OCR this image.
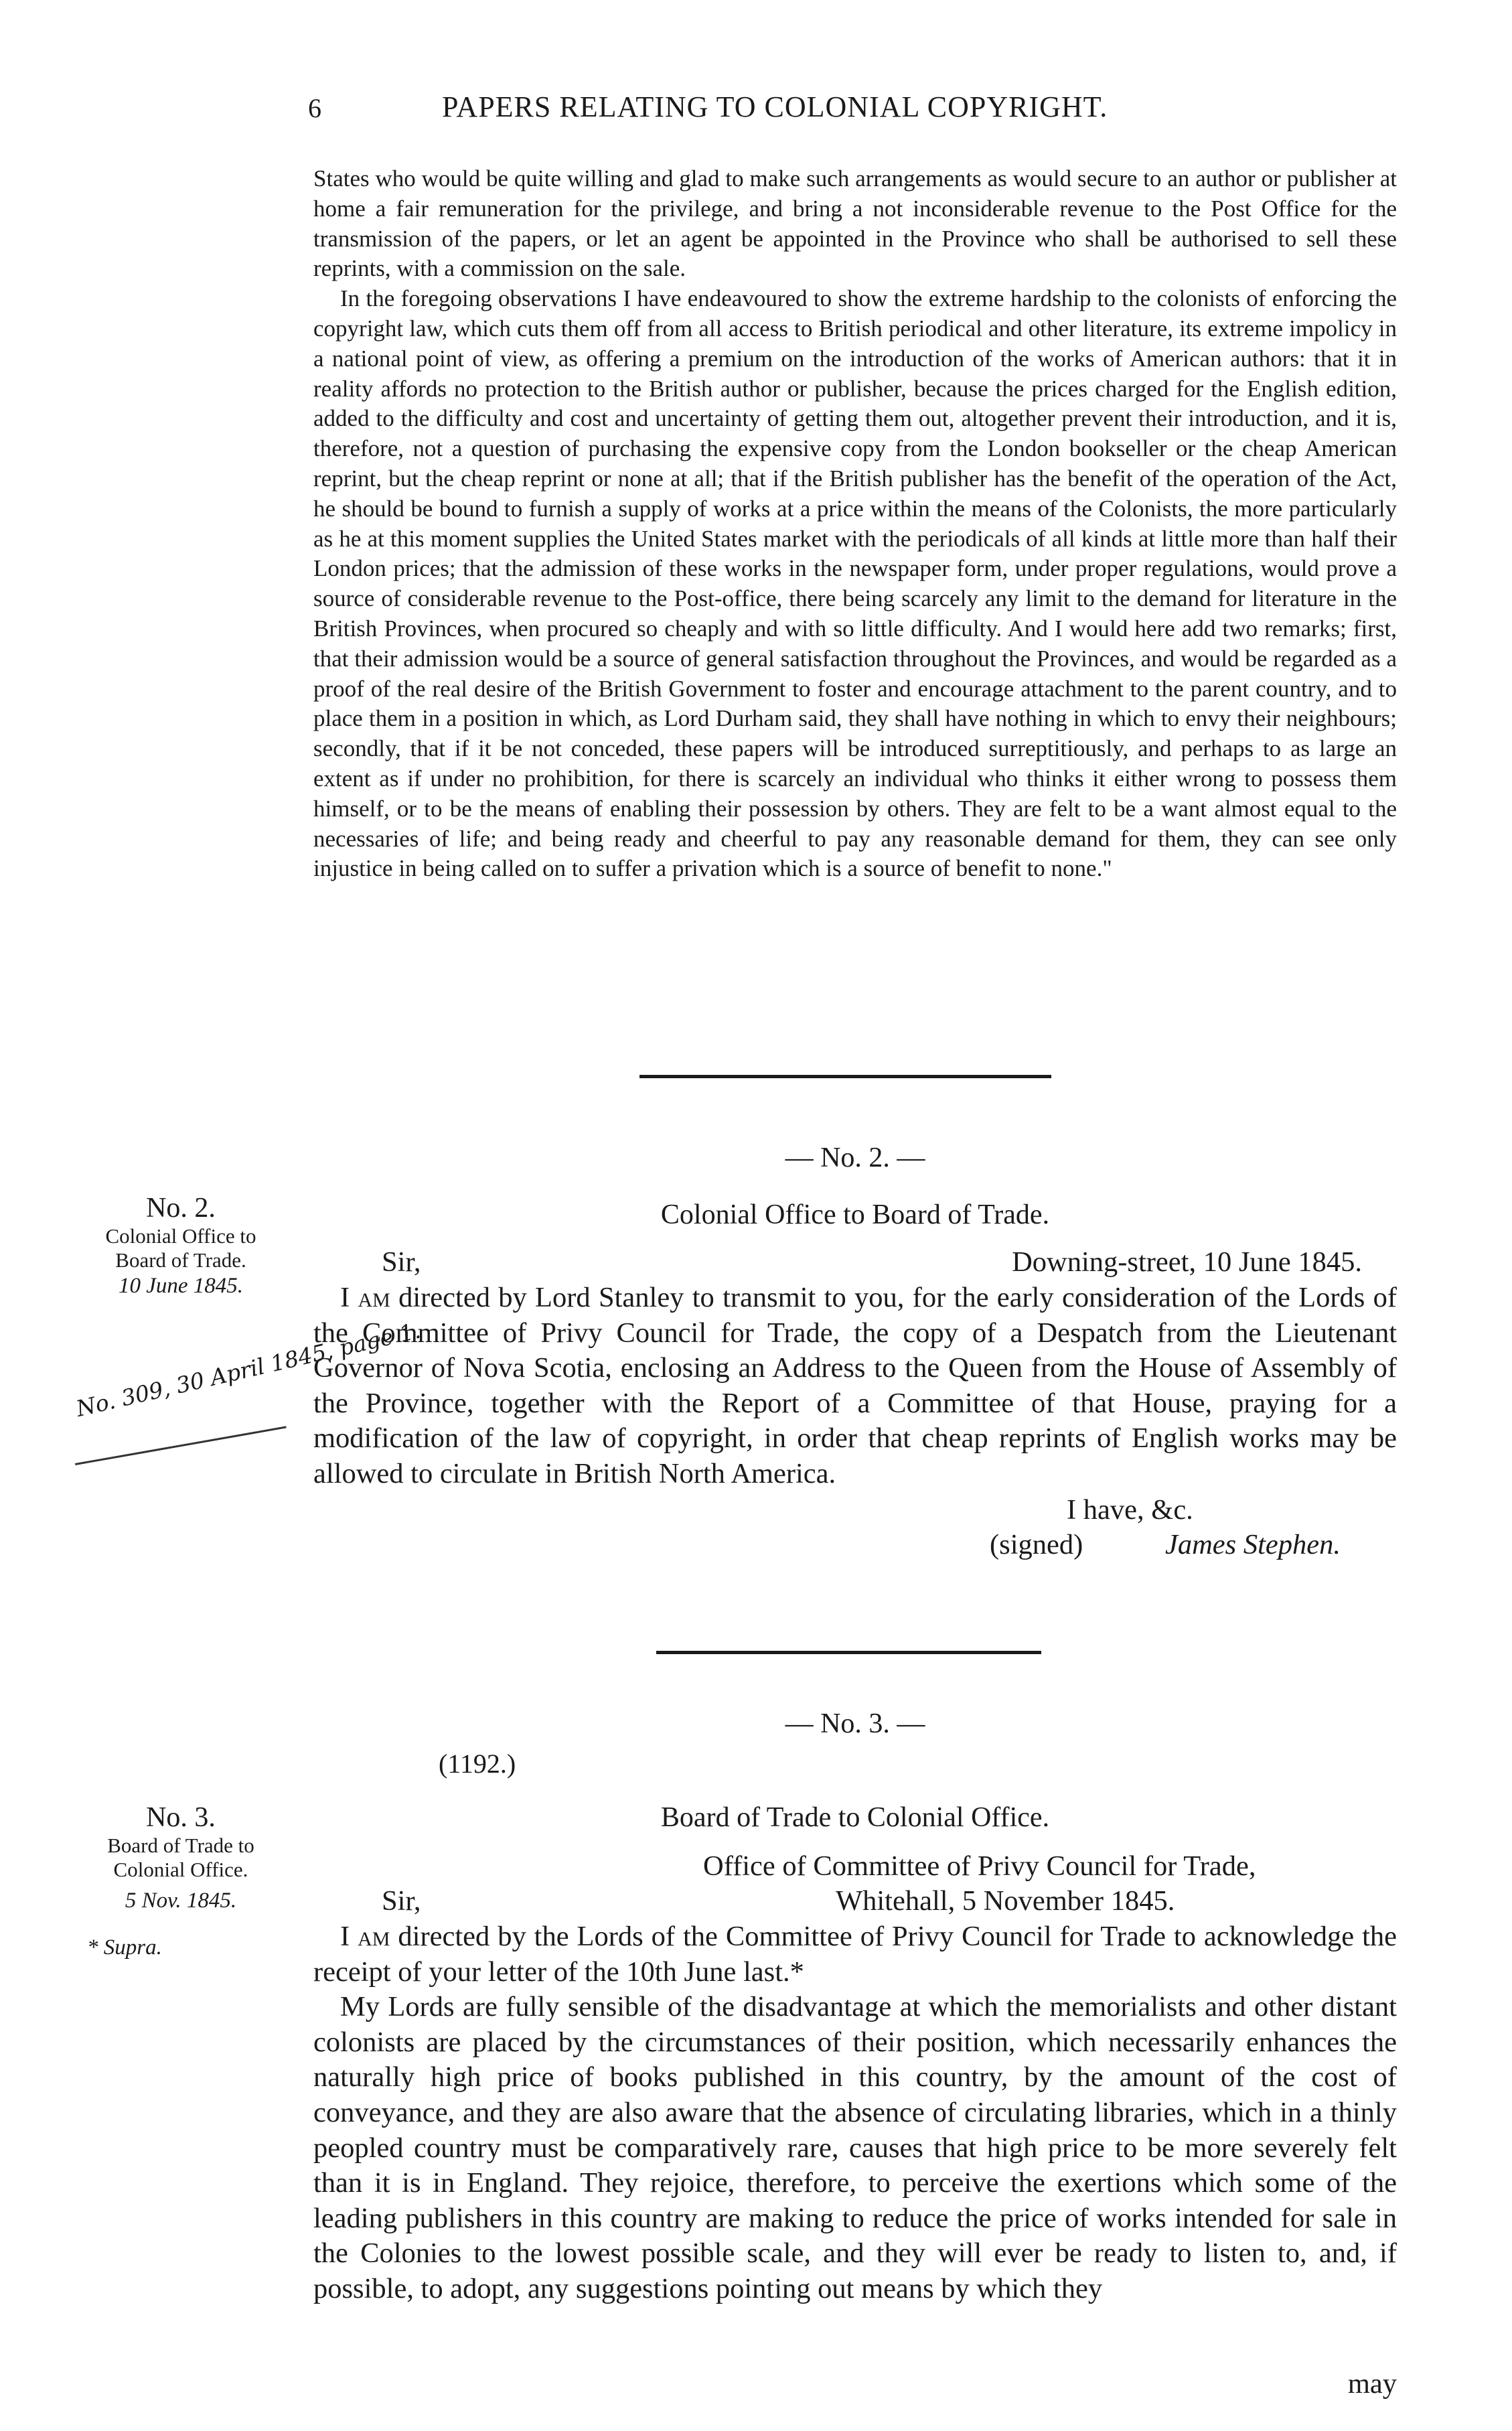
6	PAPERS RELATING TO COLONIAL COPYRIGHT.

States who would be quite willing and glad to make such arrangements as would secure to an author or publisher at home a fair remuneration for the privilege, and bring a not inconsiderable revenue to the Post Office for the transmission of the papers, or let an agent be appointed in the Province who shall be authorised to sell these reprints, with a commission on the sale.

In the foregoing observations I have endeavoured to show the extreme hardship to the colonists of enforcing the copyright law, which cuts them off from all access to British periodical and other literature, its extreme impolicy in a national point of view, as offering a premium on the introduction of the works of American authors: that it in reality affords no protection to the British author or publisher, because the prices charged for the English edition, added to the difficulty and cost and uncertainty of getting them out, altogether prevent their introduction, and it is, therefore, not a question of purchasing the expensive copy from the London bookseller or the cheap American reprint, but the cheap reprint or none at all; that if the British publisher has the benefit of the operation of the Act, he should be bound to furnish a supply of works at a price within the means of the Colonists, the more particularly as he at this moment supplies the United States market with the periodicals of all kinds at little more than half their London prices; that the admission of these works in the newspaper form, under proper regulations, would prove a source of considerable revenue to the Post-office, there being scarcely any limit to the demand for literature in the British Provinces, when procured so cheaply and with so little difficulty. And I would here add two remarks; first, that their admission would be a source of general satisfaction throughout the Provinces, and would be regarded as a proof of the real desire of the British Government to foster and encourage attachment to the parent country, and to place them in a position in which, as Lord Durham said, they shall have nothing in which to envy their neighbours; secondly, that if it be not conceded, these papers will be introduced surreptitiously, and perhaps to as large an extent as if under no prohibition, for there is scarcely an individual who thinks it either wrong to possess them himself, or to be the means of enabling their possession by others. They are felt to be a want almost equal to the necessaries of life; and being ready and cheerful to pay any reasonable demand for them, they can see only injustice in being called on to suffer a privation which is a source of benefit to none."

— No. 2. —
No. 2.
Colonial Office to
Board of Trade.
10 June 1845.
No. 309, 30 April 1845, page 1.
Colonial Office to Board of Trade.
Sir,	Downing-street, 10 June 1845.

I am directed by Lord Stanley to transmit to you, for the early consideration of the Lords of the Committee of Privy Council for Trade, the copy of a Despatch from the Lieutenant Governor of Nova Scotia, enclosing an Address to the Queen from the House of Assembly of the Province, together with the Report of a Committee of that House, praying for a modification of the law of copyright, in order that cheap reprints of English works may be allowed to circulate in British North America.

I have, &c.
(signed)	James Stephen.
— No. 3. —
(1192.)
No. 3.
Board of Trade to
Colonial Office.
5 Nov. 1845.
* Supra.
Board of Trade to Colonial Office.
Office of Committee of Privy Council for Trade,
Sir,	Whitehall, 5 November 1845.

I am directed by the Lords of the Committee of Privy Council for Trade to acknowledge the receipt of your letter of the 10th June last.*

My Lords are fully sensible of the disadvantage at which the memorialists and other distant colonists are placed by the circumstances of their position, which necessarily enhances the naturally high price of books published in this country, by the amount of the cost of conveyance, and they are also aware that the absence of circulating libraries, which in a thinly peopled country must be comparatively rare, causes that high price to be more severely felt than it is in England. They rejoice, therefore, to perceive the exertions which some of the leading publishers in this country are making to reduce the price of works intended for sale in the Colonies to the lowest possible scale, and they will ever be ready to listen to, and, if possible, to adopt, any suggestions pointing out means by which they

may
